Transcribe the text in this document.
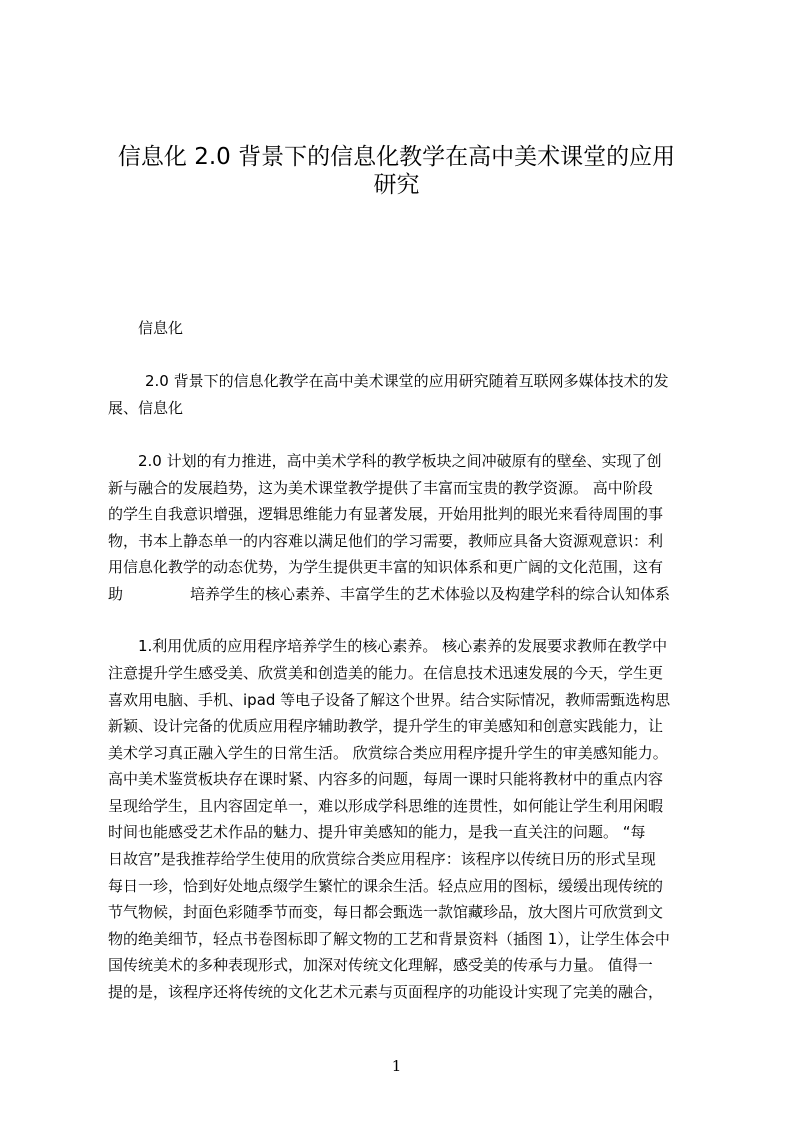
信息化 2.0 背景下的信息化教学在高中美术课堂的应用
研究
信息化
2.0 背景下的信息化教学在高中美术课堂的应用研究随着互联网多媒体技术的发
展、信息化
2.0 计划的有力推进，高中美术学科的教学板块之间冲破原有的壁垒、实现了创
新与融合的发展趋势，这为美术课堂教学提供了丰富而宝贵的教学资源。 高中阶段
的学生自我意识增强，逻辑思维能力有显著发展，开始用批判的眼光来看待周围的事
物，书本上静态单一的内容难以满足他们的学习需要，教师应具备大资源观意识：利
用信息化教学的动态优势，为学生提供更丰富的知识体系和更广阔的文化范围，这有
助	培养学生的核心素养、丰富学生的艺术体验以及构建学科的综合认知体系
1.利用优质的应用程序培养学生的核心素养。 核心素养的发展要求教师在教学中
注意提升学生感受美、欣赏美和创造美的能力。在信息技术迅速发展的今天，学生更
喜欢用电脑、手机、ipad 等电子设备了解这个世界。结合实际情况，教师需甄选构思
新颖、设计完备的优质应用程序辅助教学，提升学生的审美感知和创意实践能力，让
美术学习真正融入学生的日常生活。 欣赏综合类应用程序提升学生的审美感知能力。
高中美术鉴赏板块存在课时紧、内容多的问题，每周一课时只能将教材中的重点内容
呈现给学生，且内容固定单一，难以形成学科思维的连贯性，如何能让学生利用闲暇
时间也能感受艺术作品的魅力、提升审美感知的能力，是我一直关注的问题。 “每
日故宫”是我推荐给学生使用的欣赏综合类应用程序：该程序以传统日历的形式呈现
每日一珍，恰到好处地点缀学生繁忙的课余生活。轻点应用的图标，缓缓出现传统的
节气物候，封面色彩随季节而变，每日都会甄选一款馆藏珍品，放大图片可欣赏到文
物的绝美细节，轻点书卷图标即了解文物的工艺和背景资料（插图 1），让学生体会中
国传统美术的多种表现形式，加深对传统文化理解，感受美的传承与力量。 值得一
提的是，该程序还将传统的文化艺术元素与页面程序的功能设计实现了完美的融合，
1
